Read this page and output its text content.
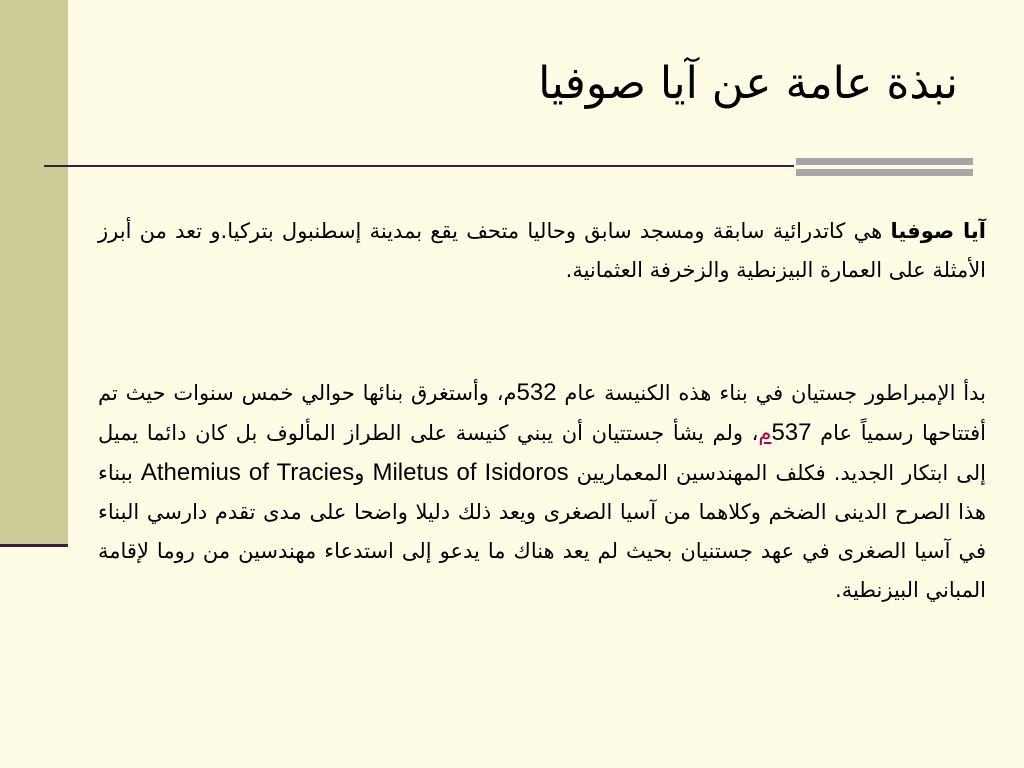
نبذة عامة عن آيا صوفيا
آيا صوفيا هي كاتدرائية سابقة ومسجد سابق وحاليا متحف يقع بمدينة إسطنبول بتركيا.و تعد من أبرز الأمثلة على العمارة البيزنطية والزخرفة العثمانية.
بدأ الإمبراطور جستيان في بناء هذه الكنيسة عام 532م، وأستغرق بنائها حوالي خمس سنوات حيث تم أفتتاحها رسمياً عام 537م، ولم يشأ جستتيان أن يبني كنيسة على الطراز المألوف بل كان دائما يميل إلى ابتكار الجديد. فكلف المهندسين المعماريين Miletus of Isidoros وAthemius of Tracies ببناء هذا الصرح الدينى الضخم وكلاهما من آسيا الصغرى ويعد ذلك دليلا واضحا على مدى تقدم دارسي البناء في آسيا الصغرى في عهد جستنيان بحيث لم يعد هناك ما يدعو إلى استدعاء مهندسين من روما لإقامة المباني البيزنطية.
